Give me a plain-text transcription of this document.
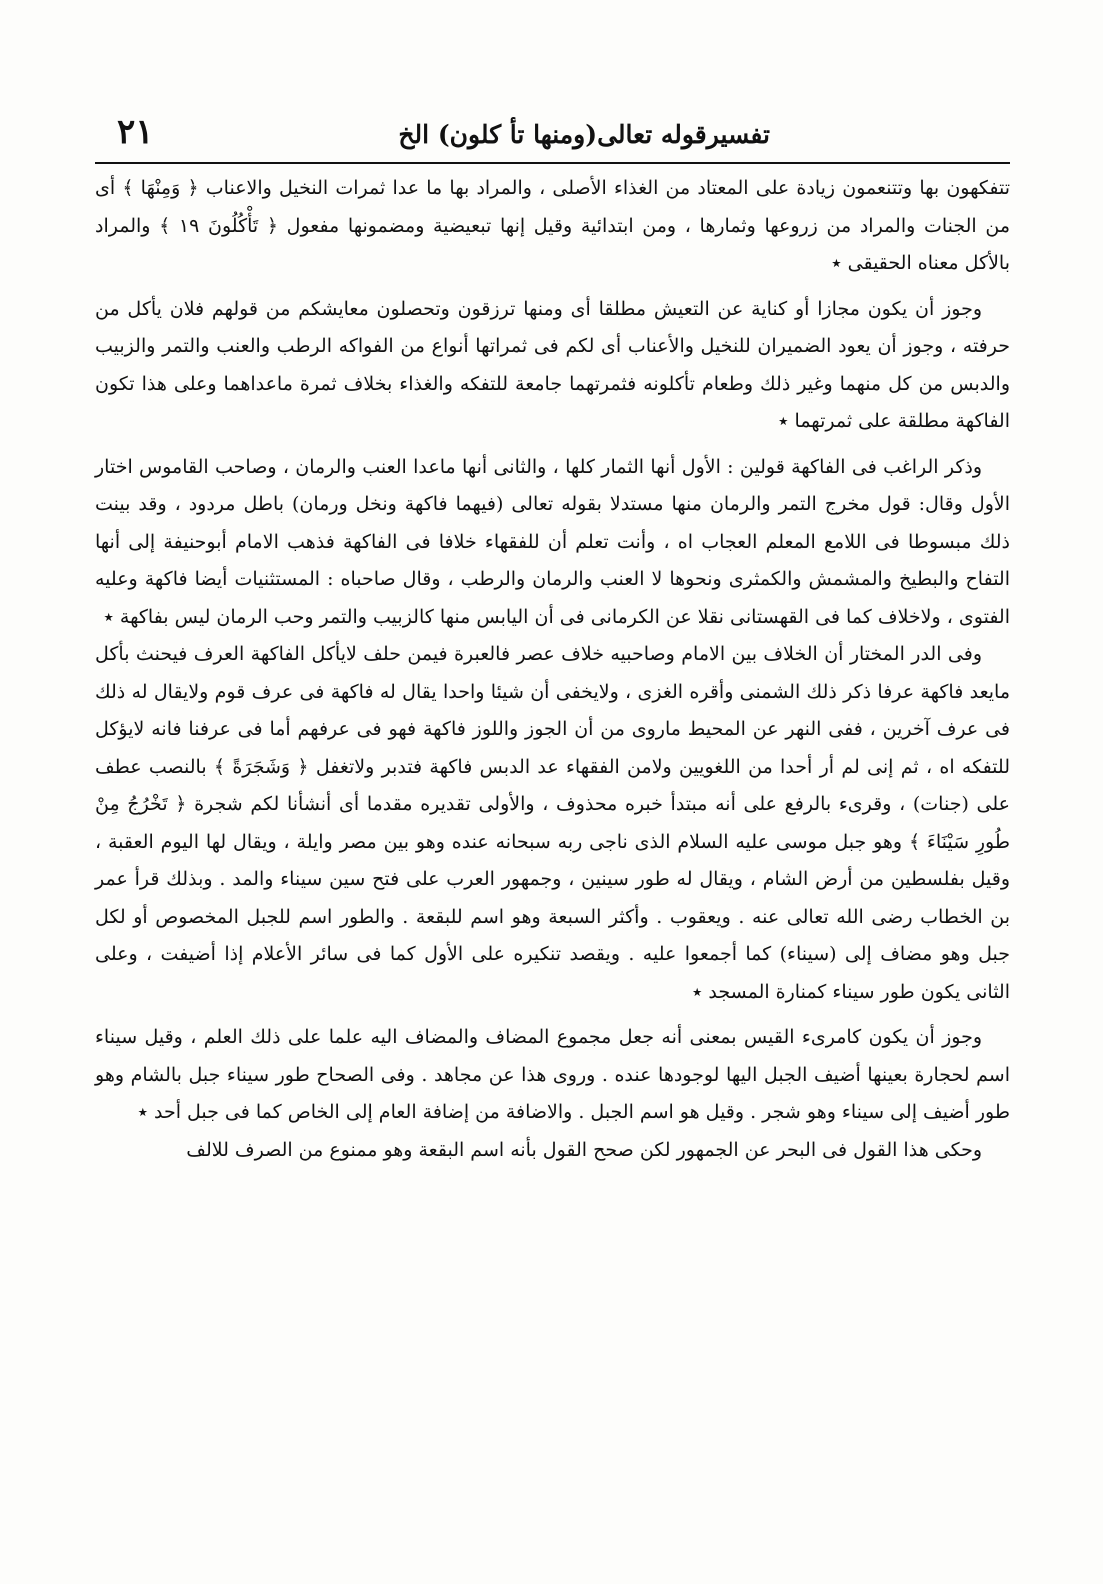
تفسيرقوله تعالى(ومنها تأ كلون) الخ
٢١

تتفكهون بها وتتنعمون زيادة على المعتاد من الغذاء الأصلى ، والمراد بها ما عدا ثمرات النخيل والاعناب ﴿ وَمِنْهَا ﴾ أى من الجنات والمراد من زروعها وثمارها ، ومن ابتدائية وقيل إنها تبعيضية ومضمونها مفعول ﴿ تَأْكُلُونَ ١٩ ﴾ والمراد بالأكل معناه الحقيقى ٭

وجوز أن يكون مجازا أو كناية عن التعيش مطلقا أى ومنها ترزقون وتحصلون معايشكم من قولهم فلان يأكل من حرفته ، وجوز أن يعود الضميران للنخيل والأعناب أى لكم فى ثمراتها أنواع من الفواكه الرطب والعنب والتمر والزبيب والدبس من كل منهما وغير ذلك وطعام تأكلونه فثمرتهما جامعة للتفكه والغذاء بخلاف ثمرة ماعداهما وعلى هذا تكون الفاكهة مطلقة على ثمرتهما ٭

وذكر الراغب فى الفاكهة قولين : الأول أنها الثمار كلها ، والثانى أنها ماعدا العنب والرمان ، وصاحب القاموس اختار الأول وقال: قول مخرج التمر والرمان منها مستدلا بقوله تعالى (فيهما فاكهة ونخل ورمان) باطل مردود ، وقد بينت ذلك مبسوطا فى اللامع المعلم العجاب اه ، وأنت تعلم أن للفقهاء خلافا فى الفاكهة فذهب الامام أبوحنيفة إلى أنها التفاح والبطيخ والمشمش والكمثرى ونحوها لا العنب والرمان والرطب ، وقال صاحباه : المستثنيات أيضا فاكهة وعليه الفتوى ، ولاخلاف كما فى القهستانى نقلا عن الكرمانى فى أن اليابس منها كالزبيب والتمر وحب الرمان ليس بفاكهة ٭

وفى الدر المختار أن الخلاف بين الامام وصاحبيه خلاف عصر فالعبرة فيمن حلف لايأكل الفاكهة العرف فيحنث بأكل مايعد فاكهة عرفا ذكر ذلك الشمنى وأقره الغزى ، ولايخفى أن شيئا واحدا يقال له فاكهة فى عرف قوم ولايقال له ذلك فى عرف آخرين ، ففى النهر عن المحيط ماروى من أن الجوز واللوز فاكهة فهو فى عرفهم أما فى عرفنا فانه لايؤكل للتفكه اه ، ثم إنى لم أر أحدا من اللغويين ولامن الفقهاء عد الدبس فاكهة فتدبر ولاتغفل ﴿ وَشَجَرَةً ﴾ بالنصب عطف على (جنات) ، وقرىء بالرفع على أنه مبتدأ خبره محذوف ، والأولى تقديره مقدما أى أنشأنا لكم شجرة ﴿ تَخْرُجُ مِنْ طُورِ سَيْنَاءَ ﴾ وهو جبل موسى عليه السلام الذى ناجى ربه سبحانه عنده وهو بين مصر وايلة ، ويقال لها اليوم العقبة ، وقيل بفلسطين من أرض الشام ، ويقال له طور سينين ، وجمهور العرب على فتح سين سيناء والمد . وبذلك قرأ عمر بن الخطاب رضى الله تعالى عنه . ويعقوب . وأكثر السبعة وهو اسم للبقعة . والطور اسم للجبل المخصوص أو لكل جبل وهو مضاف إلى (سيناء) كما أجمعوا عليه . ويقصد تنكيره على الأول كما فى سائر الأعلام إذا أضيفت ، وعلى الثانى يكون طور سيناء كمنارة المسجد ٭

وجوز أن يكون كامرىء القيس بمعنى أنه جعل مجموع المضاف والمضاف اليه علما على ذلك العلم ، وقيل سيناء اسم لحجارة بعينها أضيف الجبل اليها لوجودها عنده . وروى هذا عن مجاهد . وفى الصحاح طور سيناء جبل بالشام وهو طور أضيف إلى سيناء وهو شجر . وقيل هو اسم الجبل . والاضافة من إضافة العام إلى الخاص كما فى جبل أحد ٭

وحكى هذا القول فى البحر عن الجمهور لكن صحح القول بأنه اسم البقعة وهو ممنوع من الصرف للالف
